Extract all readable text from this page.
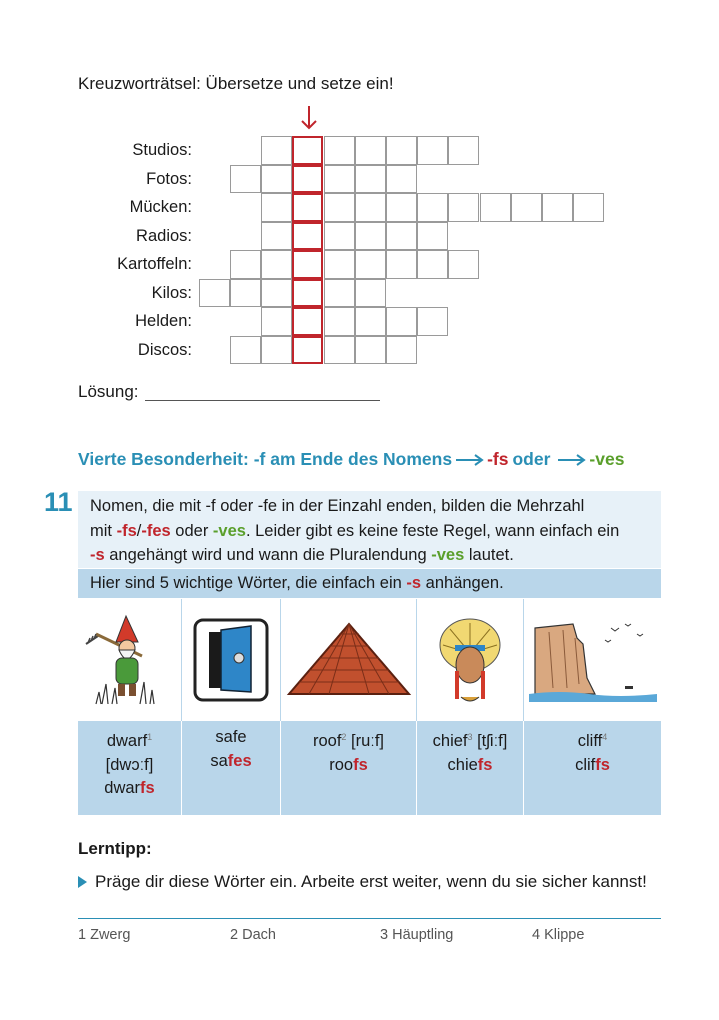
Kreuzworträtsel: Übersetze und setze ein!
Studios:
Fotos:
Mücken:
Radios:
Kartoffeln:
Kilos:
Helden:
Discos:
Lösung:
Vierte Besonderheit: -f am Ende des Nomens -fs oder -ves
11 Nomen, die mit -f oder -fe in der Einzahl enden, bilden die Mehrzahl
mit -fs/-fes oder -ves. Leider gibt es keine feste Regel, wann einfach ein
-s angehängt wird und wann die Pluralendung -ves lautet.
Hier sind 5 wichtige Wörter, die einfach ein -s anhängen.
dwarf$^1$
[dwɔːf]
dwarfs
safe
safes
roof$^2$ [ruːf]
roofs
chief$^3$ [tʃiːf]
chiefs
cliff$^4$
cliffs
Lerntipp:
Präge dir diese Wörter ein. Arbeite erst weiter, wenn du sie sicher kannst!
1 Zwerg	2 Dach	3 Häuptling	4 Klippe
